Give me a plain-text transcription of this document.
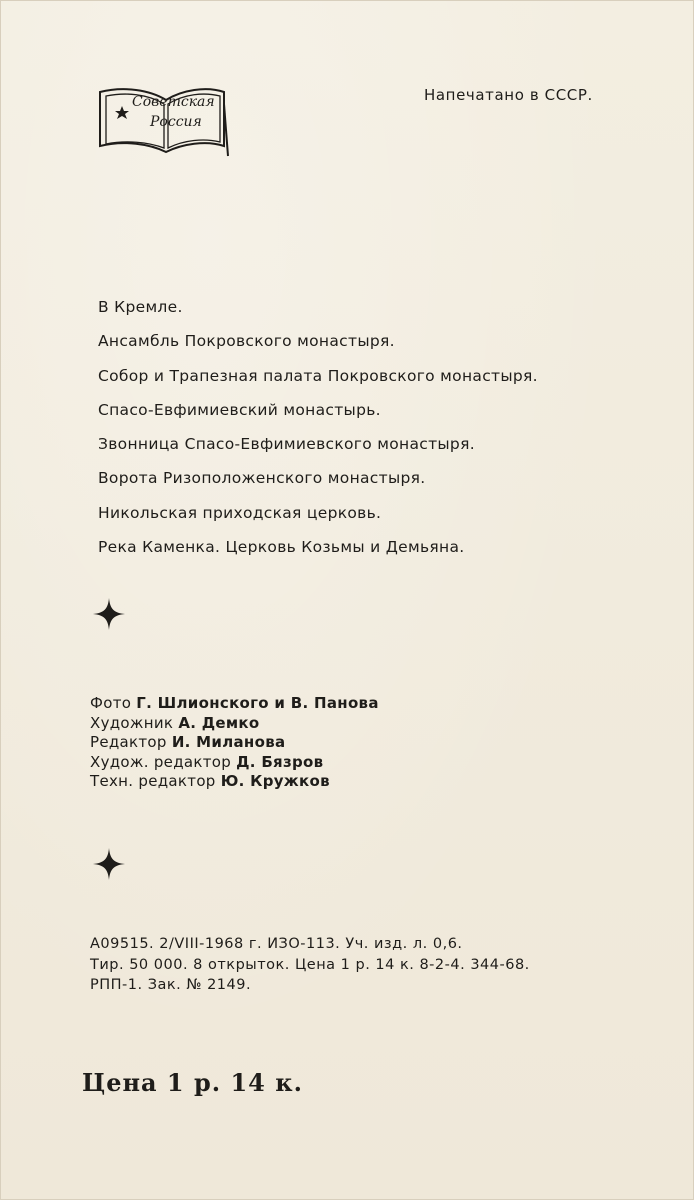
Советская
Россия
Напечатано в СССР.
В Кремле.
Ансамбль Покровского монастыря.
Собор и Трапезная палата Покровского монастыря.
Спасо-Евфимиевский монастырь.
Звонница Спасо-Евфимиевского монастыря.
Ворота Ризоположенского монастыря.
Никольская приходская церковь.
Река Каменка. Церковь Козьмы и Демьяна.
Фото Г. Шлионского и В. Панова
Художник А. Демко
Редактор И. Миланова
Худож. редактор Д. Бязров
Техн. редактор Ю. Кружков
А09515. 2/VIII-1968 г. ИЗО-113. Уч. изд. л. 0,6.
Тир. 50 000. 8 открыток. Цена 1 р. 14 к. 8-2-4. 344-68.
РПП-1. Зак. № 2149.
Цена 1 р. 14 к.
